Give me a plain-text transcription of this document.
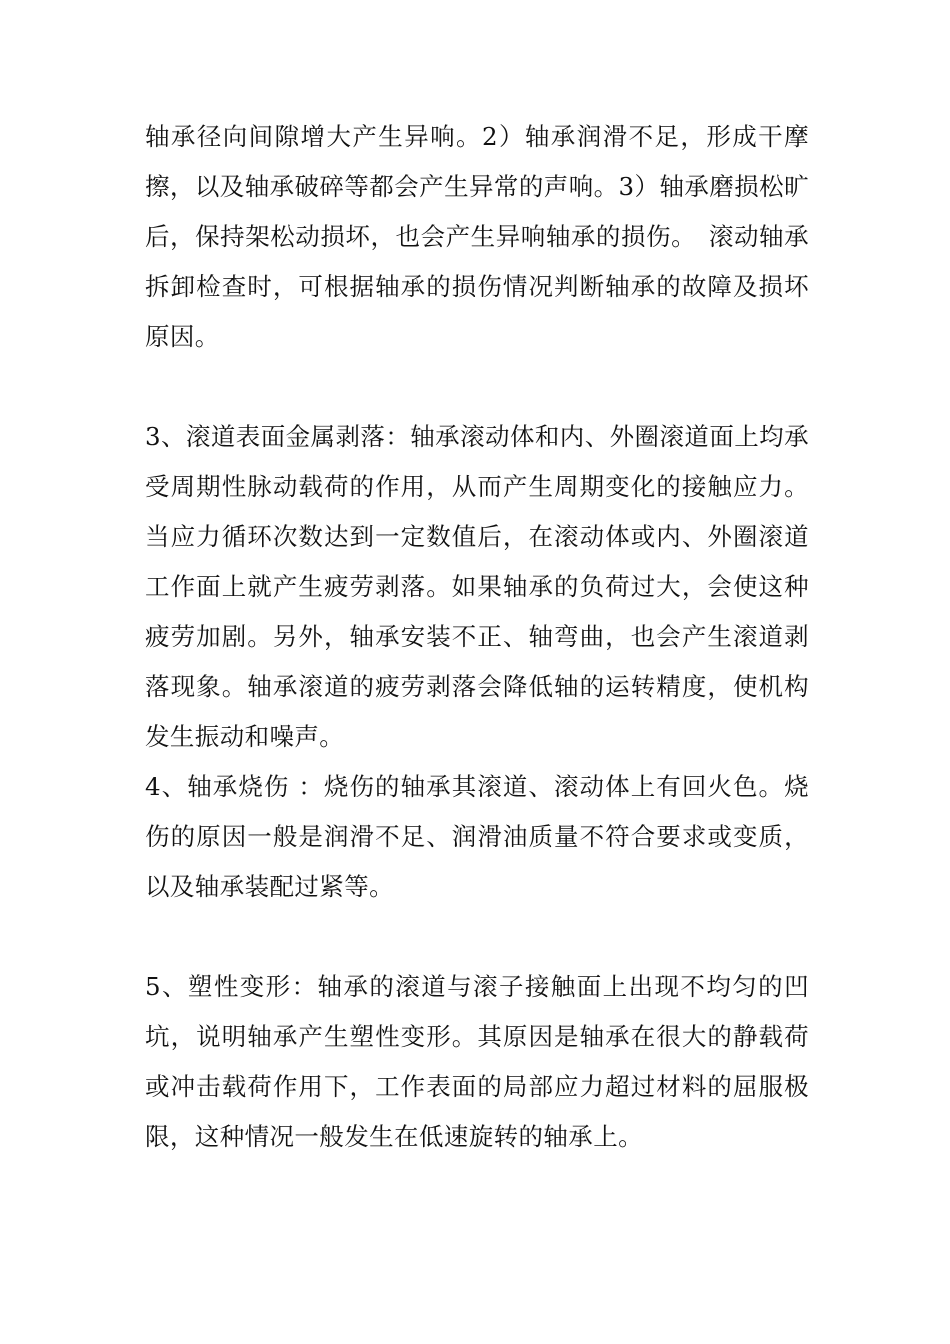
轴承径向间隙增大产生异响。2）轴承润滑不足，形成干摩擦，以及轴承破碎等都会产生异常的声响。3）轴承磨损松旷后，保持架松动损坏，也会产生异响轴承的损伤。　滚动轴承拆卸检查时，可根据轴承的损伤情况判断轴承的故障及损坏原因。

3、滚道表面金属剥落：轴承滚动体和内、外圈滚道面上均承受周期性脉动载荷的作用，从而产生周期变化的接触应力。当应力循环次数达到一定数值后，在滚动体或内、外圈滚道工作面上就产生疲劳剥落。如果轴承的负荷过大，会使这种疲劳加剧。另外，轴承安装不正、轴弯曲，也会产生滚道剥落现象。轴承滚道的疲劳剥落会降低轴的运转精度，使机构发生振动和噪声。

4、轴承烧伤 ：烧伤的轴承其滚道、滚动体上有回火色。烧伤的原因一般是润滑不足、润滑油质量不符合要求或变质，以及轴承装配过紧等。

5、塑性变形：轴承的滚道与滚子接触面上出现不均匀的凹坑，说明轴承产生塑性变形。其原因是轴承在很大的静载荷或冲击载荷作用下，工作表面的局部应力超过材料的屈服极限，这种情况一般发生在低速旋转的轴承上。
